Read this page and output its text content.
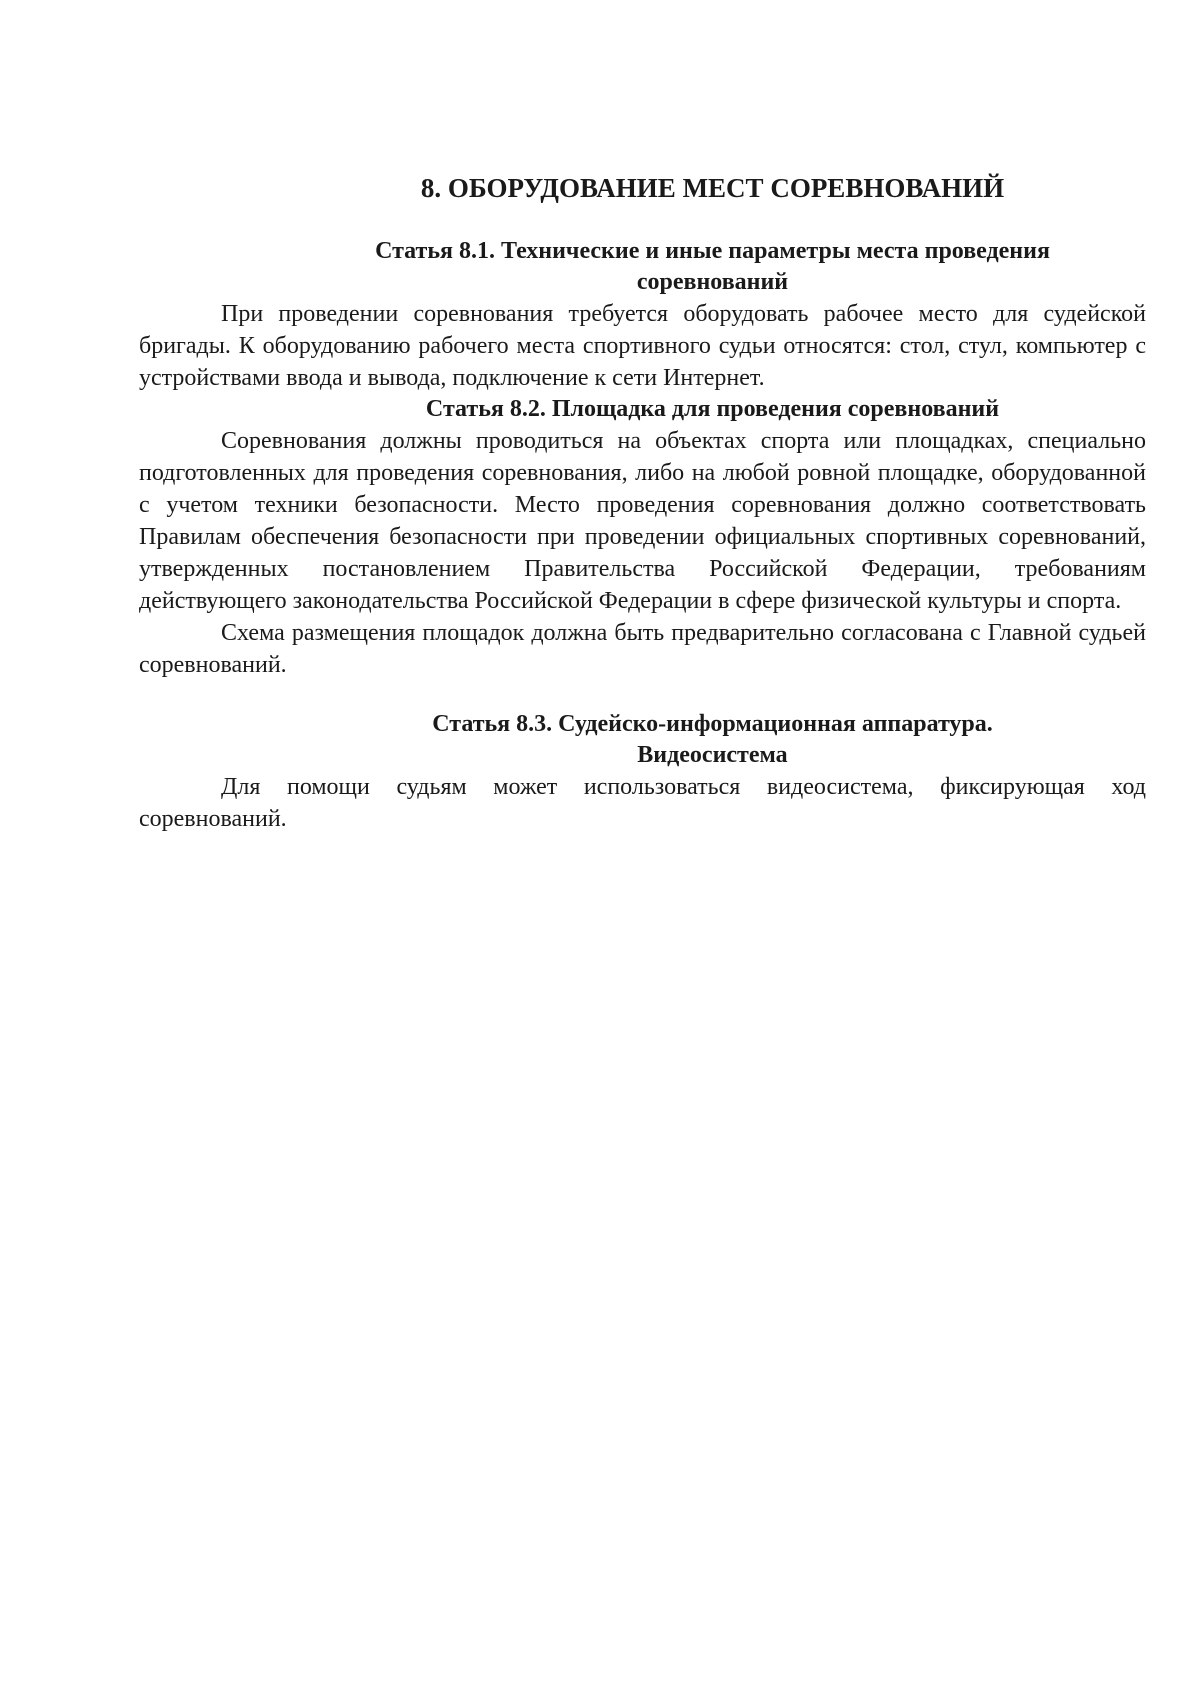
8. ОБОРУДОВАНИЕ МЕСТ СОРЕВНОВАНИЙ
Статья 8.1. Технические и иные параметры места проведения
соревнований

При проведении соревнования требуется оборудовать рабочее место для судейской бригады. К оборудованию рабочего места спортивного судьи относятся: стол, стул, компьютер с устройствами ввода и вывода, подключение к сети Интернет.

Статья 8.2. Площадка для проведения соревнований

Соревнования должны проводиться на объектах спорта или площадках, специально подготовленных для проведения соревнования, либо на любой ровной площадке, оборудованной с учетом техники безопасности. Место проведения соревнования должно соответствовать Правилам обеспечения безопасности при проведении официальных спортивных соревнований, утвержденных постановлением Правительства Российской Федерации, требованиям действующего законодательства Российской Федерации в сфере физической культуры и спорта.

Схема размещения площадок должна быть предварительно согласована с Главной судьей соревнований.

Статья 8.3. Судейско-информационная аппаратура.
Видеосистема

Для помощи судьям может использоваться видеосистема, фиксирующая ход соревнований.
